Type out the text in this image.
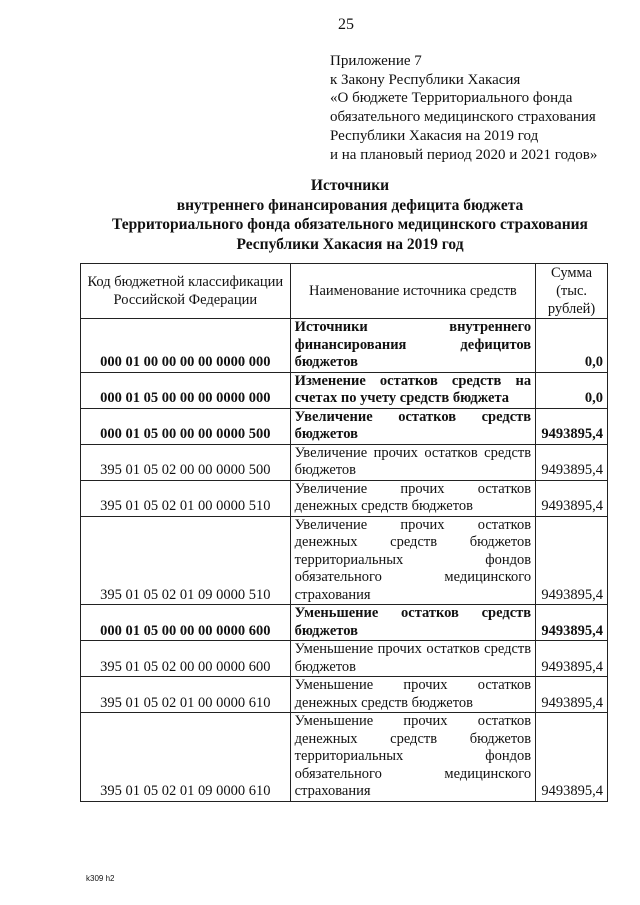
25
Приложение 7
к Закону Республики Хакасия
«О бюджете Территориального фонда
обязательного медицинского страхования
Республики Хакасия на 2019 год
и на плановый период 2020 и 2021 годов»
Источники
внутреннего финансирования дефицита бюджета
Территориального фонда обязательного медицинского страхования
Республики Хакасия на 2019 год
Код бюджетной классификации Российской Федерации	Наименование источника средств	Сумма (тыс. рублей)
000 01 00 00 00 00 0000 000	Источники внутреннего финансирования дефицитов бюджетов	0,0
000 01 05 00 00 00 0000 000	Изменение остатков средств на счетах по учету средств бюджета	0,0
000 01 05 00 00 00 0000 500	Увеличение остатков средств бюджетов	9493895,4
395 01 05 02 00 00 0000 500	Увеличение прочих остатков средств бюджетов	9493895,4
395 01 05 02 01 00 0000 510	Увеличение прочих остатков денежных средств бюджетов	9493895,4
395 01 05 02 01 09 0000 510	Увеличение прочих остатков денежных средств бюджетов территориальных фондов обязательного медицинского страхования	9493895,4
000 01 05 00 00 00 0000 600	Уменьшение остатков средств бюджетов	9493895,4
395 01 05 02 00 00 0000 600	Уменьшение прочих остатков средств бюджетов	9493895,4
395 01 05 02 01 00 0000 610	Уменьшение прочих остатков денежных средств бюджетов	9493895,4
395 01 05 02 01 09 0000 610	Уменьшение прочих остатков денежных средств бюджетов территориальных фондов обязательного медицинского страхования	9493895,4
k309 h2
